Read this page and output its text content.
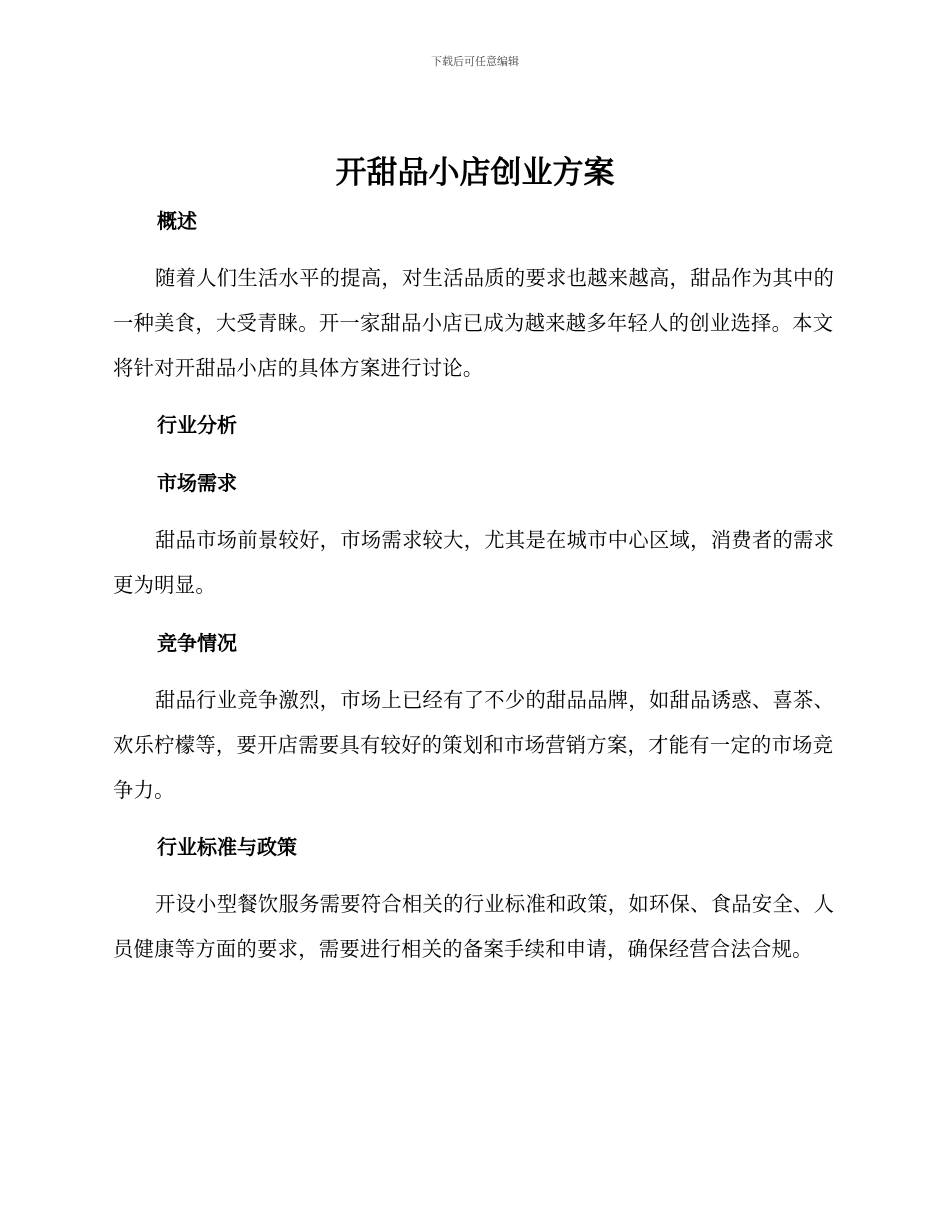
下载后可任意编辑
开甜品小店创业方案
概述
随着人们生活水平的提高，对生活品质的要求也越来越高，甜品作为其中的一种美食，大受青睐。开一家甜品小店已成为越来越多年轻人的创业选择。本文将针对开甜品小店的具体方案进行讨论。
行业分析
市场需求
甜品市场前景较好，市场需求较大，尤其是在城市中心区域，消费者的需求更为明显。
竞争情况
甜品行业竞争激烈，市场上已经有了不少的甜品品牌，如甜品诱惑、喜茶、欢乐柠檬等，要开店需要具有较好的策划和市场营销方案，才能有一定的市场竞争力。
行业标准与政策
开设小型餐饮服务需要符合相关的行业标准和政策，如环保、食品安全、人员健康等方面的要求，需要进行相关的备案手续和申请，确保经营合法合规。
